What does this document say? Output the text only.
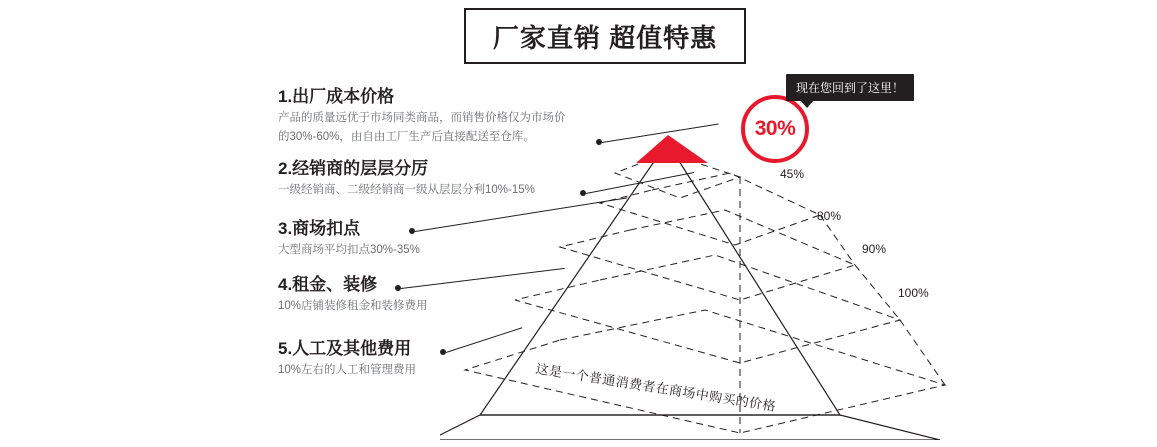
厂家直销 超值特惠
45%
80%
90%
100%
30%
现在您回到了这里！
1.出厂成本价格
产品的质量远优于市场同类商品，而销售价格仅为市场价
的30%-60%，由自由工厂生产后直接配送至仓库。
2.经销商的层层分厉
一级经销商、二级经销商一级从层层分利10%-15%
3.商场扣点
大型商场平均扣点30%-35%
4.租金、装修
10%店铺装修租金和装修费用
5.人工及其他费用
10%左右的人工和管理费用	这是一个普通消费者在商场中购买的价格
